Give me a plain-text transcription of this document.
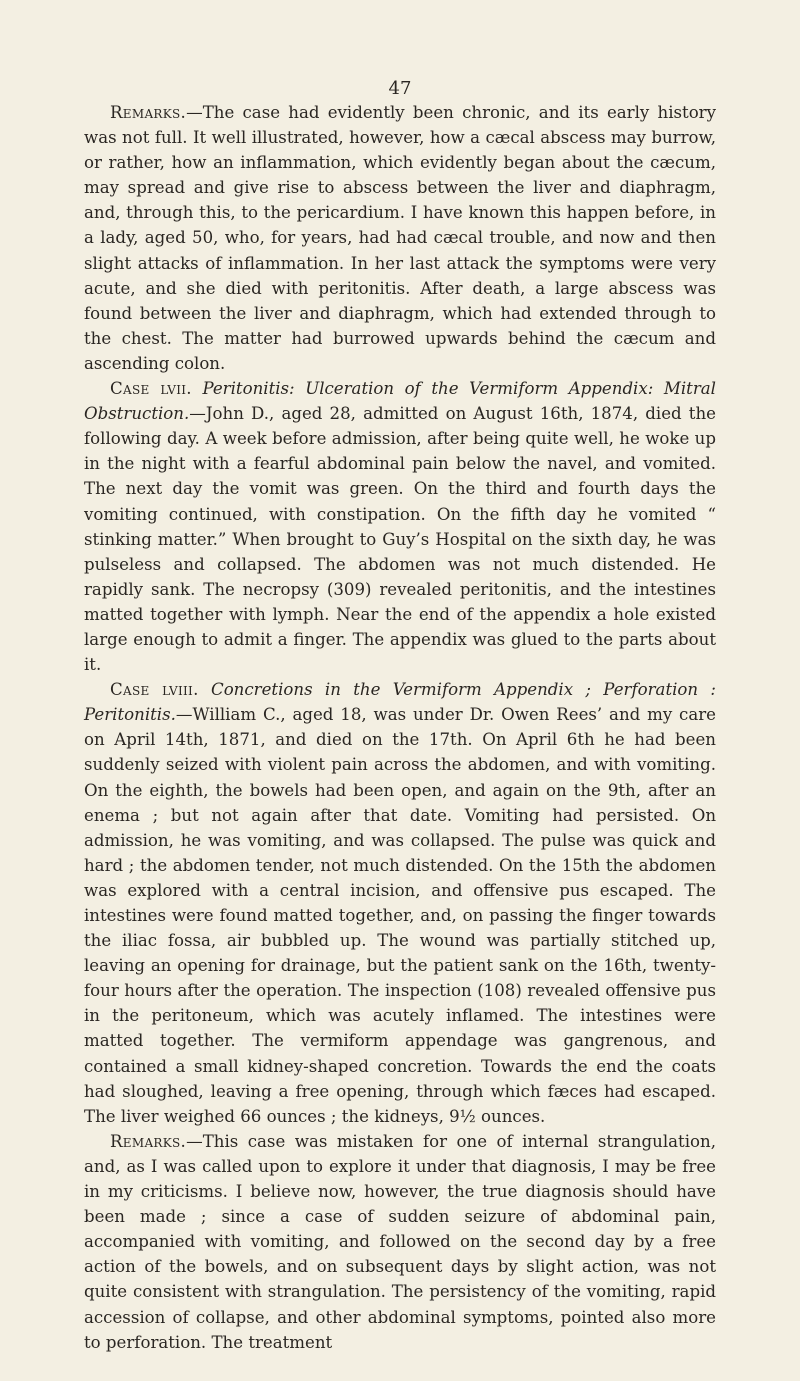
47

Remarks.—The case had evidently been chronic, and its early history was not full. It well illustrated, however, how a cæcal abscess may burrow, or rather, how an inflammation, which evidently began about the cæcum, may spread and give rise to abscess between the liver and diaphragm, and, through this, to the pericardium. I have known this happen before, in a lady, aged 50, who, for years, had had cæcal trouble, and now and then slight attacks of inflammation. In her last attack the symptoms were very acute, and she died with peritonitis. After death, a large abscess was found between the liver and diaphragm, which had extended through to the chest. The matter had burrowed upwards behind the cæcum and ascending colon.

Case lvii. Peritonitis: Ulceration of the Vermiform Appendix: Mitral Obstruction.—John D., aged 28, admitted on August 16th, 1874, died the following day. A week before admission, after being quite well, he woke up in the night with a fearful abdominal pain below the navel, and vomited. The next day the vomit was green. On the third and fourth days the vomiting continued, with constipation. On the fifth day he vomited “ stinking matter.” When brought to Guy’s Hospital on the sixth day, he was pulseless and collapsed. The abdomen was not much distended. He rapidly sank. The necropsy (309) revealed peritonitis, and the intestines matted together with lymph. Near the end of the appendix a hole existed large enough to admit a finger. The appendix was glued to the parts about it.

Case lviii. Concretions in the Vermiform Appendix ; Perforation : Peritonitis.—William C., aged 18, was under Dr. Owen Rees’ and my care on April 14th, 1871, and died on the 17th. On April 6th he had been suddenly seized with violent pain across the abdomen, and with vomiting. On the eighth, the bowels had been open, and again on the 9th, after an enema ; but not again after that date. Vomiting had persisted. On admission, he was vomiting, and was collapsed. The pulse was quick and hard ; the abdomen tender, not much distended. On the 15th the abdomen was explored with a central incision, and offensive pus escaped. The intestines were found matted together, and, on passing the finger towards the iliac fossa, air bubbled up. The wound was partially stitched up, leaving an opening for drainage, but the patient sank on the 16th, twenty-four hours after the operation. The inspection (108) revealed offensive pus in the peritoneum, which was acutely inflamed. The intestines were matted together. The vermiform appendage was gangrenous, and contained a small kidney-shaped concretion. Towards the end the coats had sloughed, leaving a free opening, through which fæces had escaped. The liver weighed 66 ounces ; the kidneys, 9½ ounces.

Remarks.—This case was mistaken for one of internal strangulation, and, as I was called upon to explore it under that diagnosis, I may be free in my criticisms. I believe now, however, the true diagnosis should have been made ; since a case of sudden seizure of abdominal pain, accompanied with vomiting, and followed on the second day by a free action of the bowels, and on subsequent days by slight action, was not quite consistent with strangulation. The persistency of the vomiting, rapid accession of collapse, and other abdominal symptoms, pointed also more to perforation. The treatment
